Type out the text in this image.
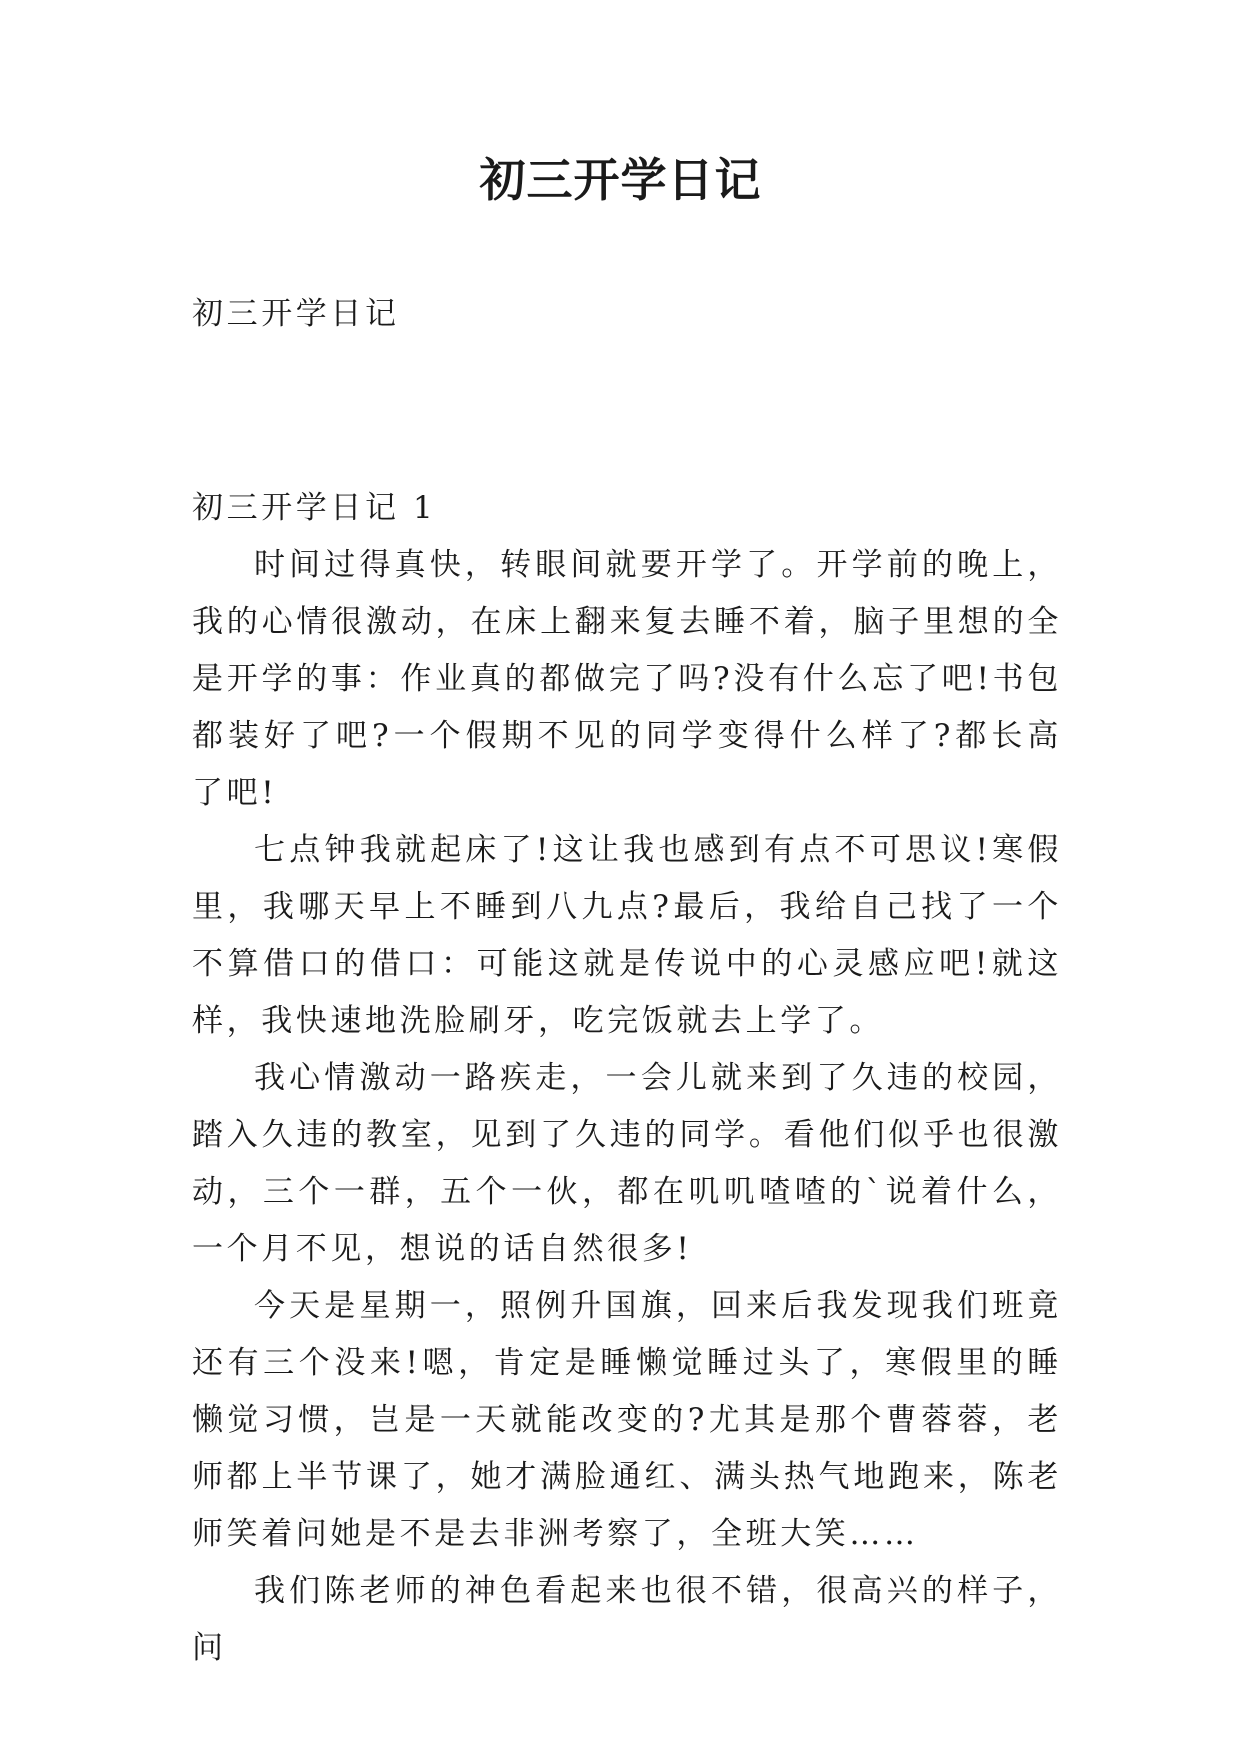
初三开学日记

初三开学日记

初三开学日记 1

时间过得真快，转眼间就要开学了。开学前的晚上，我的心情很激动，在床上翻来复去睡不着，脑子里想的全是开学的事：作业真的都做完了吗?没有什么忘了吧!书包都装好了吧?一个假期不见的同学变得什么样了?都长高了吧!

七点钟我就起床了!这让我也感到有点不可思议!寒假里，我哪天早上不睡到八九点?最后，我给自己找了一个不算借口的借口：可能这就是传说中的心灵感应吧!就这样，我快速地洗脸刷牙，吃完饭就去上学了。

我心情激动一路疾走，一会儿就来到了久违的校园，踏入久违的教室，见到了久违的同学。看他们似乎也很激动，三个一群，五个一伙，都在叽叽喳喳的`说着什么，一个月不见，想说的话自然很多!

今天是星期一，照例升国旗，回来后我发现我们班竟还有三个没来!嗯，肯定是睡懒觉睡过头了，寒假里的睡懒觉习惯，岂是一天就能改变的?尤其是那个曹蓉蓉，老师都上半节课了，她才满脸通红、满头热气地跑来，陈老师笑着问她是不是去非洲考察了，全班大笑……

我们陈老师的神色看起来也很不错，很高兴的样子，问
